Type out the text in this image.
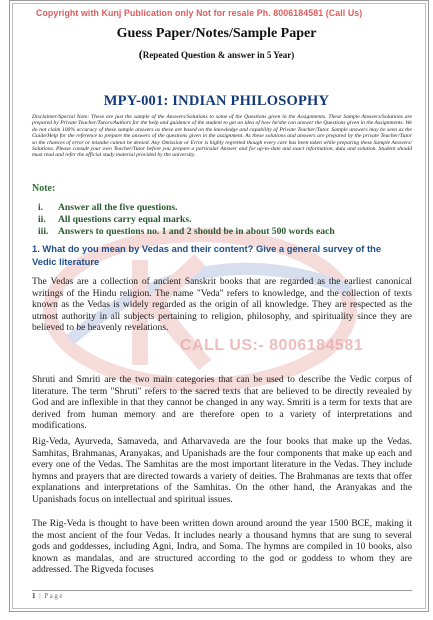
CALL US:- 8006184581
Copyright with Kunj Publication only Not for resale Ph. 8006184581 (Call Us)
Guess Paper/Notes/Sample Paper
(Repeated Question & answer in 5 Year)
MPY-001: INDIAN PHILOSOPHY
Disclaimer/Special Note: These are just the sample of the Answers/Solutions to some of the Questions given in the Assignments. These Sample Answers/Solutions are prepared by Private Teacher/Tutors/Authors for the help and guidance of the student to get an idea of how he/she can answer the Questions given in the Assignments. We do not claim 100% accuracy of these sample answers as these are based on the knowledge and capability of Private Teacher/Tutor. Sample answers may be seen as the Guide/Help for the reference to prepare the answers of the questions given in the assignment. As these solutions and answers are prepared by the private Teacher/Tutor so the chances of error or mistake cannot be denied. Any Omission or Error is highly regretted though every care has been taken while preparing these Sample Answers/ Solutions. Please consult your own Teacher/Tutor before you prepare a particular Answer and for up-to-date and exact information, data and solution. Student should must read and refer the official study material provided by the university.
Note:
i. Answer all the five questions.
ii. All questions carry equal marks.
iii. Answers to questions no. 1 and 2 should be in about 500 words each
1. What do you mean by Vedas and their content? Give a general survey of the Vedic literature

The Vedas are a collection of ancient Sanskrit books that are regarded as the earliest canonical writings of the Hindu religion. The name "Veda" refers to knowledge, and the collection of texts known as the Vedas is widely regarded as the origin of all knowledge. They are respected as the utmost authority in all subjects pertaining to religion, philosophy, and spirituality since they are believed to be heavenly revelations.

Shruti and Smriti are the two main categories that can be used to describe the Vedic corpus of literature. The term "Shruti" refers to the sacred texts that are believed to be directly revealed by God and are inflexible in that they cannot be changed in any way. Smriti is a term for texts that are derived from human memory and are therefore open to a variety of interpretations and modifications.

Rig-Veda, Ayurveda, Samaveda, and Atharvaveda are the four books that make up the Vedas. Samhitas, Brahmanas, Aranyakas, and Upanishads are the four components that make up each and every one of the Vedas. The Samhitas are the most important literature in the Vedas. They include hymns and prayers that are directed towards a variety of deities. The Brahmanas are texts that offer explanations and interpretations of the Samhitas. On the other hand, the Aranyakas and the Upanishads focus on intellectual and spiritual issues.

The Rig-Veda is thought to have been written down around around the year 1500 BCE, making it the most ancient of the four Vedas. It includes nearly a thousand hymns that are sung to several gods and goddesses, including Agni, Indra, and Soma. The hymns are compiled in 10 books, also known as mandalas, and are structured according to the god or goddess to whom they are addressed. The Rigveda focuses

1 | Page
